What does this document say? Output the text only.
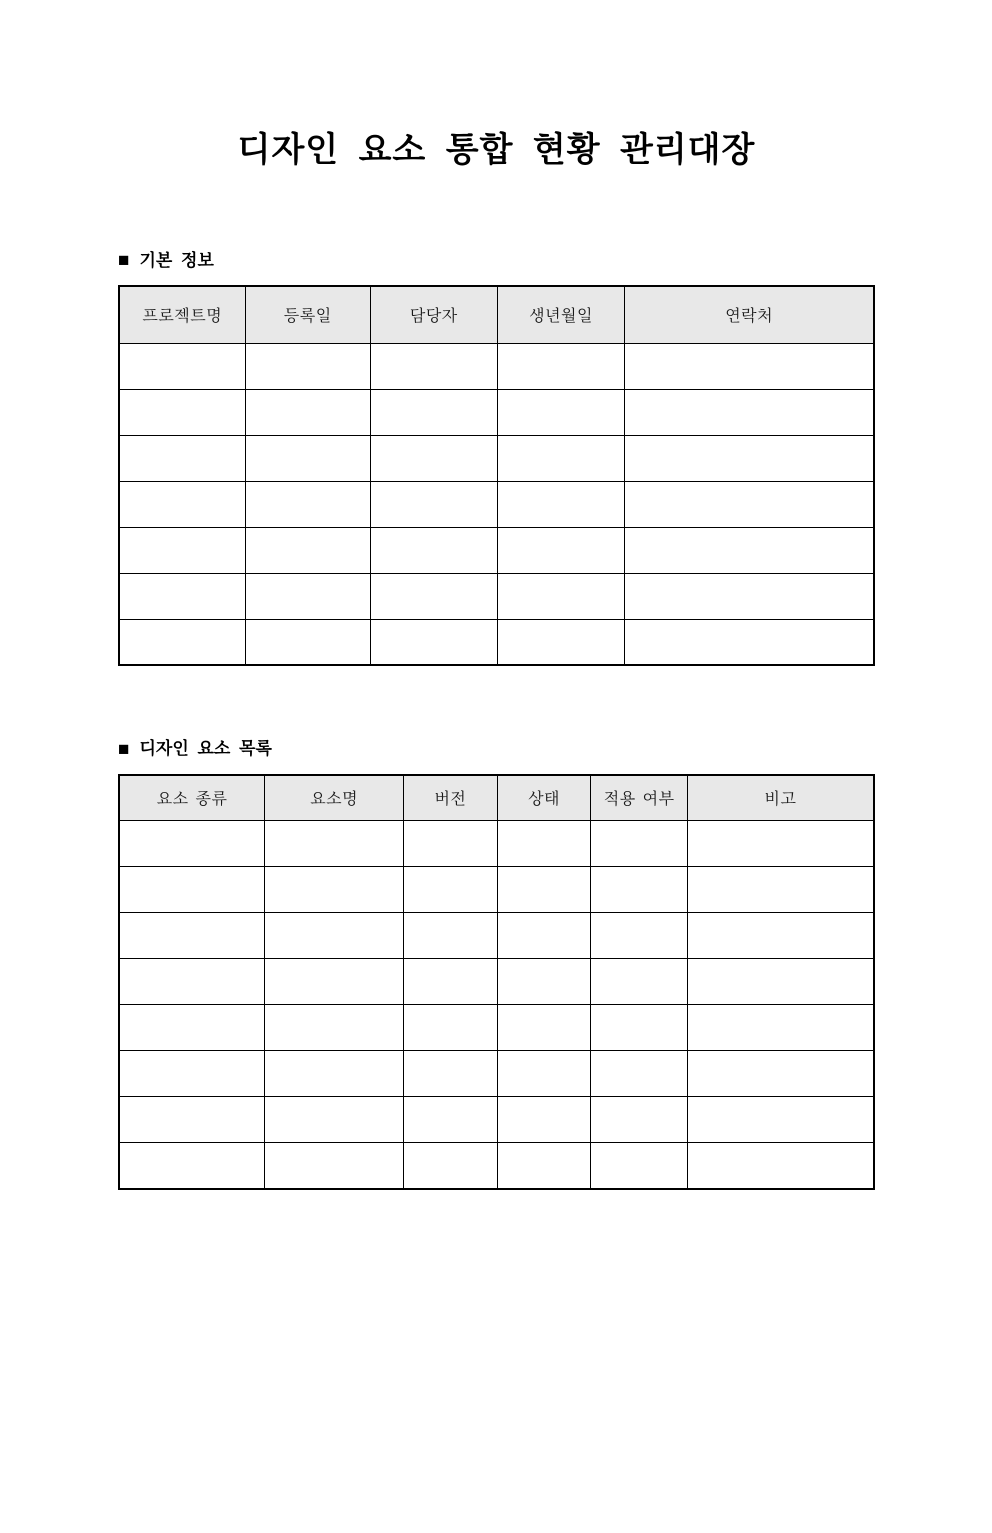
디자인 요소 통합 현황 관리대장
■ 기본 정보
프로젝트명	등록일	담당자	생년월일	연락처

■ 디자인 요소 목록
요소 종류	요소명	버전	상태	적용 여부	비고
